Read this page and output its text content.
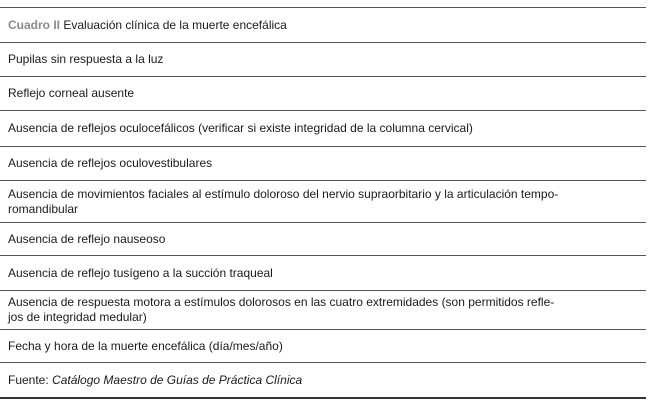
Cuadro II Evaluación clínica de la muerte encefálica
Pupilas sin respuesta a la luz
Reflejo corneal ausente
Ausencia de reflejos oculocefálicos (verificar si existe integridad de la columna cervical)
Ausencia de reflejos oculovestibulares
Ausencia de movimientos faciales al estímulo doloroso del nervio supraorbitario y la articulación tempo-
romandibular
Ausencia de reflejo nauseoso
Ausencia de reflejo tusígeno a la succión traqueal
Ausencia de respuesta motora a estímulos dolorosos en las cuatro extremidades (son permitidos refle-
jos de integridad medular)
Fecha y hora de la muerte encefálica (día/mes/año)
Fuente: Catálogo Maestro de Guías de Práctica Clínica
